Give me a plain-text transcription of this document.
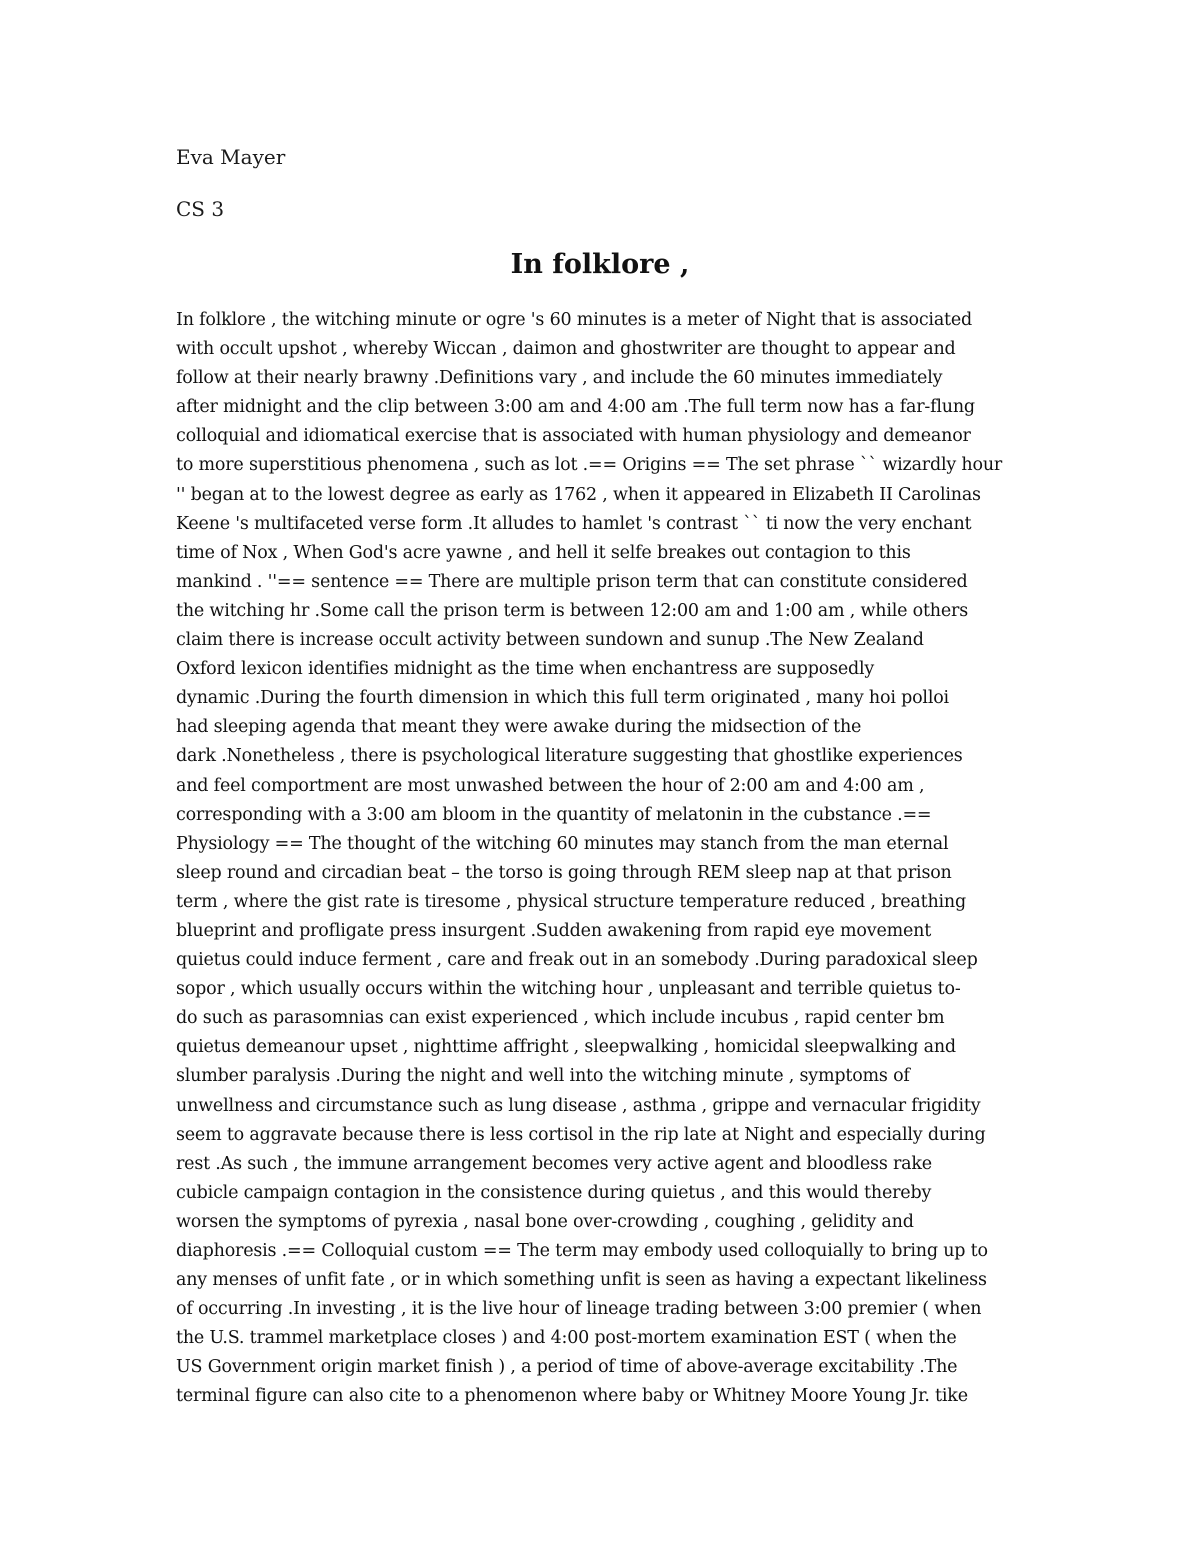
Eva Mayer
CS 3
In folklore ,
In folklore , the witching minute or ogre 's 60 minutes is a meter of Night that is associated
with occult upshot , whereby Wiccan , daimon and ghostwriter are thought to appear and
follow at their nearly brawny .Definitions vary , and include the 60 minutes immediately
after midnight and the clip between 3:00 am and 4:00 am .The full term now has a far-flung
colloquial and idiomatical exercise that is associated with human physiology and demeanor
to more superstitious phenomena , such as lot .== Origins == The set phrase `` wizardly hour
'' began at to the lowest degree as early as 1762 , when it appeared in Elizabeth II Carolinas
Keene 's multifaceted verse form .It alludes to hamlet 's contrast `` ti now the very enchant
time of Nox , When God's acre yawne , and hell it selfe breakes out contagion to this
mankind . ''== sentence == There are multiple prison term that can constitute considered
the witching hr .Some call the prison term is between 12:00 am and 1:00 am , while others
claim there is increase occult activity between sundown and sunup .The New Zealand
Oxford lexicon identifies midnight as the time when enchantress are supposedly
dynamic .During the fourth dimension in which this full term originated , many hoi polloi
had sleeping agenda that meant they were awake during the midsection of the
dark .Nonetheless , there is psychological literature suggesting that ghostlike experiences
and feel comportment are most unwashed between the hour of 2:00 am and 4:00 am ,
corresponding with a 3:00 am bloom in the quantity of melatonin in the cubstance .==
Physiology == The thought of the witching 60 minutes may stanch from the man eternal
sleep round and circadian beat – the torso is going through REM sleep nap at that prison
term , where the gist rate is tiresome , physical structure temperature reduced , breathing
blueprint and profligate press insurgent .Sudden awakening from rapid eye movement
quietus could induce ferment , care and freak out in an somebody .During paradoxical sleep
sopor , which usually occurs within the witching hour , unpleasant and terrible quietus to-
do such as parasomnias can exist experienced , which include incubus , rapid center bm
quietus demeanour upset , nighttime affright , sleepwalking , homicidal sleepwalking and
slumber paralysis .During the night and well into the witching minute , symptoms of
unwellness and circumstance such as lung disease , asthma , grippe and vernacular frigidity
seem to aggravate because there is less cortisol in the rip late at Night and especially during
rest .As such , the immune arrangement becomes very active agent and bloodless rake
cubicle campaign contagion in the consistence during quietus , and this would thereby
worsen the symptoms of pyrexia , nasal bone over-crowding , coughing , gelidity and
diaphoresis .== Colloquial custom == The term may embody used colloquially to bring up to
any menses of unfit fate , or in which something unfit is seen as having a expectant likeliness
of occurring .In investing , it is the live hour of lineage trading between 3:00 premier ( when
the U.S. trammel marketplace closes ) and 4:00 post-mortem examination EST ( when the
US Government origin market finish ) , a period of time of above-average excitability .The
terminal figure can also cite to a phenomenon where baby or Whitney Moore Young Jr. tike
